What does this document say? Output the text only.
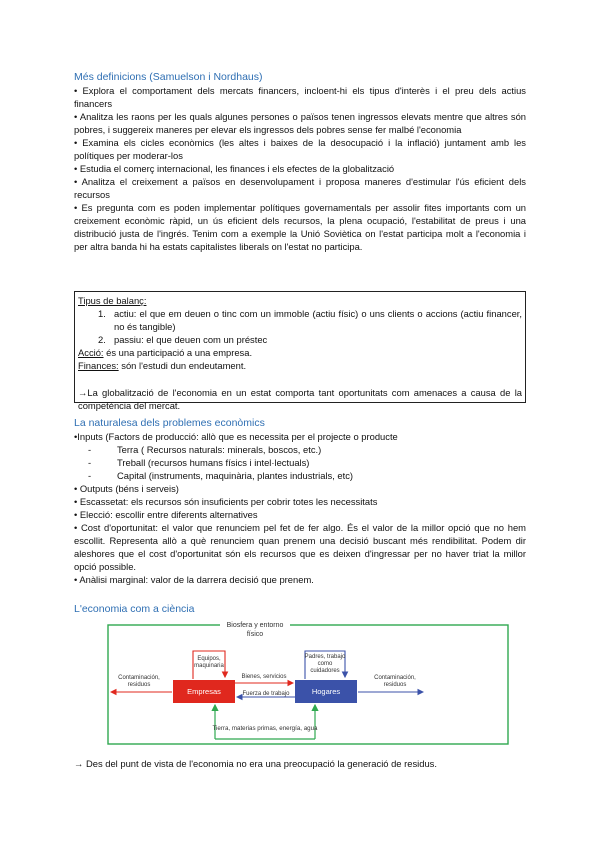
Més definicions (Samuelson i Nordhaus)
• Explora el comportament dels mercats financers, incloent-hi els tipus d'interès i el preu dels actius financers
• Analitza les raons per les quals algunes persones o països tenen ingressos elevats mentre que altres són pobres, i suggereix maneres per elevar els ingressos dels pobres sense fer malbé l'economia
• Examina els cicles econòmics (les altes i baixes de la desocupació i la inflació) juntament amb les polítiques per moderar-los
• Estudia el comerç internacional, les finances i els efectes de la globalització
• Analitza el creixement a països en desenvolupament i proposa maneres d'estimular l'ús eficient dels recursos
• Es pregunta com es poden implementar polítiques governamentals per assolir fites importants com un creixement econòmic ràpid, un ús eficient dels recursos, la plena ocupació, l'estabilitat de preus i una distribució justa de l'ingrés. Tenim com a exemple la Unió Soviètica on l'estat participa molt a l'economia i per altra banda hi ha estats capitalistes liberals on l'estat no participa.
Tipus de balanç:
1. actiu: el que em deuen o tinc com un immoble (actiu físic) o uns clients o accions (actiu financer, no és tangible)
2. passiu: el que deuen com un préstec
Acció: és una participació a una empresa.
Finances: són l'estudi dun endeutament.
→La globalització de l'economia en un estat comporta tant oportunitats com amenaces a causa de la competència del mercat.
La naturalesa dels problemes econòmics
•Inputs (Factors de producció: allò que es necessita per el projecte o producte
-	Terra ( Recursos naturals: minerals, boscos, etc.)
-	Treball (recursos humans físics i intel·lectuals)
-	Capital (instruments, maquinària, plantes industrials, etc)
• Outputs (béns i serveis)
• Escassetat: els recursos són insuficients per cobrir totes les necessitats
• Elecció: escollir entre diferents alternatives
• Cost d'oportunitat: el valor que renunciem pel fet de fer algo. És el valor de la millor opció que no hem escollit. Representa allò a què renunciem quan prenem una decisió buscant més rendibilitat. Podem dir aleshores que el cost d'oportunitat són els recursos que es deixen d'ingressar per no haver triat la millor opció possible.
• Anàlisi marginal: valor de la darrera decisió que prenem.
L'economia com a ciència
Biosfera y entorno
físico
Empresas	Hogares
Equipos,
maquinaria
Padres, trabajo
como
cuidadores
Bienes, servicios
Fuerza de trabajo
Contaminación,
residuos
Contaminación,
residuos
Tierra, materias primas, energía, agua
→ Des del punt de vista de l'economia no era una preocupació la generació de residus.
